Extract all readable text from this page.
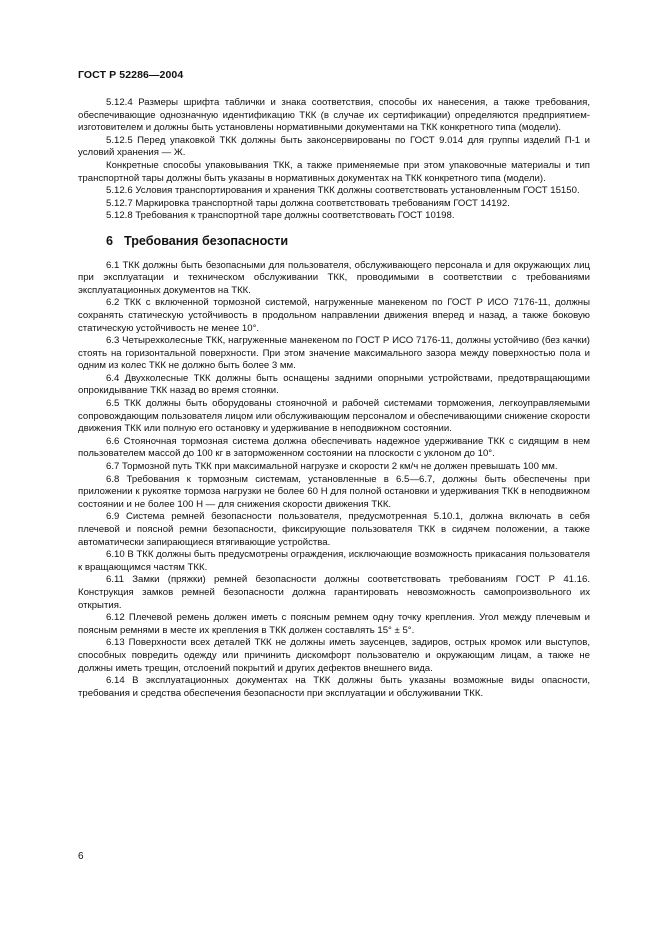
ГОСТ Р 52286—2004

5.12.4 Размеры шрифта таблички и знака соответствия, способы их нанесения, а также требования, обеспечивающие однозначную идентификацию ТКК (в случае их сертификации) определяются предприятием-изготовителем и должны быть установлены нормативными документами на ТКК конкретного типа (модели).

5.12.5 Перед упаковкой ТКК должны быть законсервированы по ГОСТ 9.014 для группы изделий П-1 и условий хранения — Ж.

Конкретные способы упаковывания ТКК, а также применяемые при этом упаковочные материалы и тип транспортной тары должны быть указаны в нормативных документах на ТКК конкретного типа (модели).

5.12.6 Условия транспортирования и хранения ТКК должны соответствовать установленным ГОСТ 15150.

5.12.7 Маркировка транспортной тары должна соответствовать требованиям ГОСТ 14192.

5.12.8 Требования к транспортной таре должны соответствовать ГОСТ 10198.

6 Требования безопасности

6.1 ТКК должны быть безопасными для пользователя, обслуживающего персонала и для окружающих лиц при эксплуатации и техническом обслуживании ТКК, проводимыми в соответствии с требованиями эксплуатационных документов на ТКК.

6.2 ТКК с включенной тормозной системой, нагруженные манекеном по ГОСТ Р ИСО 7176-11, должны сохранять статическую устойчивость в продольном направлении движения вперед и назад, а также боковую статическую устойчивость не менее 10°.

6.3 Четырехколесные ТКК, нагруженные манекеном по ГОСТ Р ИСО 7176-11, должны устойчиво (без качки) стоять на горизонтальной поверхности. При этом значение максимального зазора между поверхностью пола и одним из колес ТКК не должно быть более 3 мм.

6.4 Двухколесные ТКК должны быть оснащены задними опорными устройствами, предотвращающими опрокидывание ТКК назад во время стоянки.

6.5 ТКК должны быть оборудованы стояночной и рабочей системами торможения, легкоуправляемыми сопровождающим пользователя лицом или обслуживающим персоналом и обеспечивающими снижение скорости движения ТКК или полную его остановку и удерживание в неподвижном состоянии.

6.6 Стояночная тормозная система должна обеспечивать надежное удерживание ТКК с сидящим в нем пользователем массой до 100 кг в заторможенном состоянии на плоскости с уклоном до 10°.

6.7 Тормозной путь ТКК при максимальной нагрузке и скорости 2 км/ч не должен превышать 100 мм.

6.8 Требования к тормозным системам, установленные в 6.5—6.7, должны быть обеспечены при приложении к рукоятке тормоза нагрузки не более 60 Н для полной остановки и удерживания ТКК в неподвижном состоянии и не более 100 Н — для снижения скорости движения ТКК.

6.9 Система ремней безопасности пользователя, предусмотренная 5.10.1, должна включать в себя плечевой и поясной ремни безопасности, фиксирующие пользователя ТКК в сидячем положении, а также автоматически запирающиеся втягивающие устройства.

6.10 В ТКК должны быть предусмотрены ограждения, исключающие возможность прикасания пользователя к вращающимся частям ТКК.

6.11 Замки (пряжки) ремней безопасности должны соответствовать требованиям ГОСТ Р 41.16. Конструкция замков ремней безопасности должна гарантировать невозможность самопроизвольного их открытия.

6.12 Плечевой ремень должен иметь с поясным ремнем одну точку крепления. Угол между плечевым и поясным ремнями в месте их крепления в ТКК должен составлять 15° ± 5°.

6.13 Поверхности всех деталей ТКК не должны иметь заусенцев, задиров, острых кромок или выступов, способных повредить одежду или причинить дискомфорт пользователю и окружающим лицам, а также не должны иметь трещин, отслоений покрытий и других дефектов внешнего вида.

6.14 В эксплуатационных документах на ТКК должны быть указаны возможные виды опасности, требования и средства обеспечения безопасности при эксплуатации и обслуживании ТКК.

6
